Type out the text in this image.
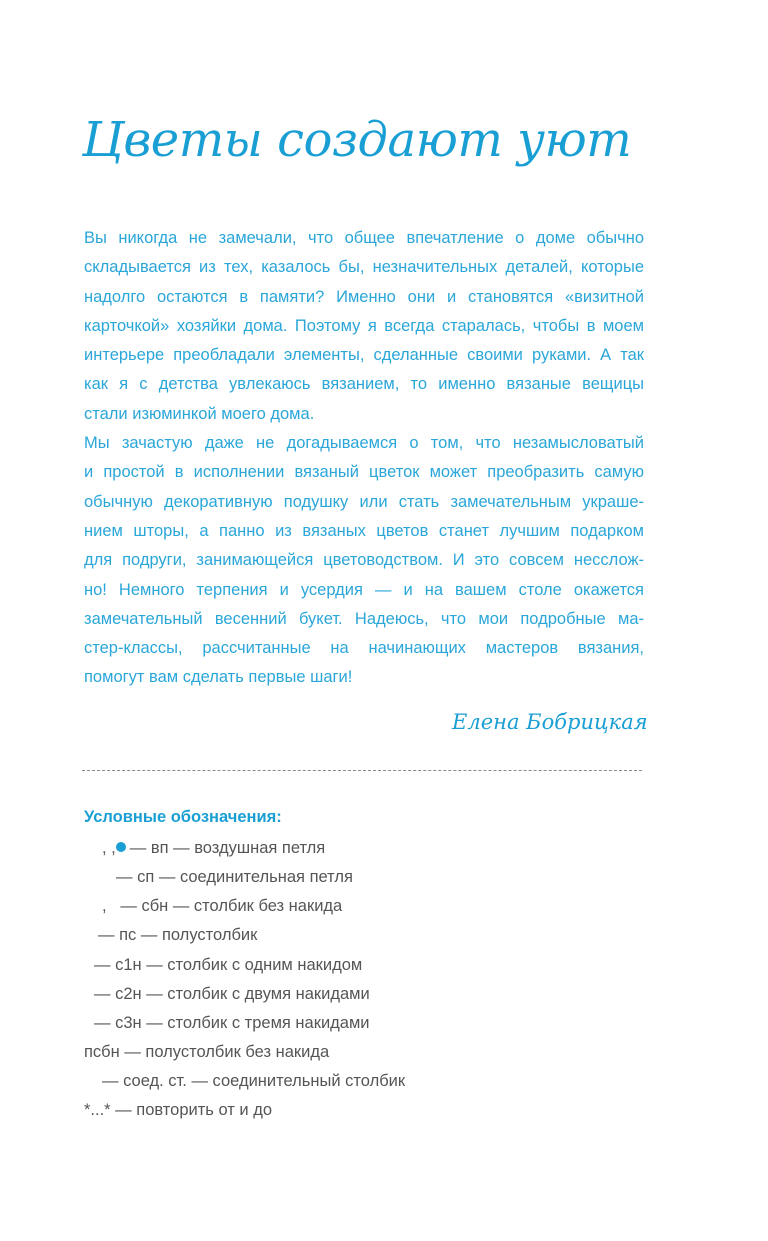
Цветы создают уют
Вы никогда не замечали, что общее впечатление о доме обычно
складывается из тех, казалось бы, незначительных деталей, которые
надолго остаются в памяти? Именно они и становятся «визитной
карточкой» хозяйки дома. Поэтому я всегда старалась, чтобы в моем
интерьере преобладали элементы, сделанные своими руками. А так
как я с детства увлекаюсь вязанием, то именно вязаные вещицы
стали изюминкой моего дома.
Мы зачастую даже не догадываемся о том, что незамысловатый
и простой в исполнении вязаный цветок может преобразить самую
обычную декоративную подушку или стать замечательным украше-
нием шторы, а панно из вязаных цветов станет лучшим подарком
для подруги, занимающейся цветоводством. И это совсем несслож-
но! Немного терпения и усердия — и на вашем столе окажется
замечательный весенний букет. Надеюсь, что мои подробные ма-
стер-классы, рассчитанные на начинающих мастеров вязания,
помогут вам сделать первые шаги!
Елена Бобрицкая
Условные обозначения:
, , — вп — воздушная петля
— сп — соединительная петля
, — сбн — столбик без накида
— пс — полустолбик
— с1н — столбик с одним накидом
— с2н — столбик с двумя накидами
— с3н — столбик с тремя накидами
псбн — полустолбик без накида
— соед. ст. — соединительный столбик
*...* — повторить от и до
